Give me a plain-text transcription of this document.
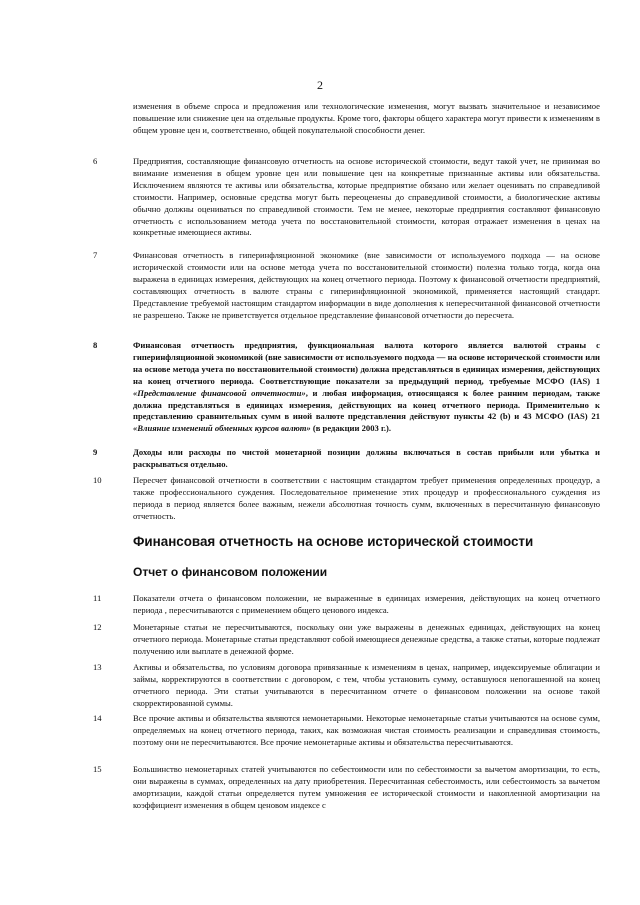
2

изменения в объеме спроса и предложения или технологические изменения, могут вызвать значительное и независимое повышение или снижение цен на отдельные продукты. Кроме того, факторы общего характера могут привести к изменениям в общем уровне цен и, соответственно, общей покупательной способности денег.

6	Предприятия, составляющие финансовую отчетность на основе исторической стоимости, ведут такой учет, не принимая во внимание изменения в общем уровне цен или повышение цен на конкретные признанные активы или обязательства. Исключением являются те активы или обязательства, которые предприятие обязано или желает оценивать по справедливой стоимости. Например, основные средства могут быть переоценены до справедливой стоимости, а биологические активы обычно должны оцениваться по справедливой стоимости. Тем не менее, некоторые предприятия составляют финансовую отчетность с использованием метода учета по восстановительной стоимости, которая отражает изменения в ценах на конкретные имеющиеся активы.

7	Финансовая отчетность в гиперинфляционной экономике (вне зависимости от используемого подхода — на основе исторической стоимости или на основе метода учета по восстановительной стоимости) полезна только тогда, когда она выражена в единицах измерения, действующих на конец отчетного периода. Поэтому к финансовой отчетности предприятий, составляющих отчетность в валюте страны с гиперинфляционной экономикой, применяется настоящий стандарт. Представление требуемой настоящим стандартом информации в виде дополнения к непересчитанной финансовой отчетности не разрешено. Также не приветствуется отдельное представление финансовой отчетности до пересчета.

8	Финансовая отчетность предприятия, функциональная валюта которого является валютой страны с гиперинфляционной экономикой (вне зависимости от используемого подхода — на основе исторической стоимости или на основе метода учета по восстановительной стоимости) должна представляться в единицах измерения, действующих на конец отчетного периода. Соответствующие показатели за предыдущий период, требуемые МСФО (IAS) 1 «Представление финансовой отчетности», и любая информация, относящаяся к более ранним периодам, также должна представляться в единицах измерения, действующих на конец отчетного периода. Применительно к представлению сравнительных сумм в иной валюте представления действуют пункты 42 (b) и 43 МСФО (IAS) 21 «Влияние изменений обменных курсов валют» (в редакции 2003 г.).

9	Доходы или расходы по чистой монетарной позиции должны включаться в состав прибыли или убытка и раскрываться отдельно.

10	Пересчет финансовой отчетности в соответствии с настоящим стандартом требует применения определенных процедур, а также профессионального суждения. Последовательное применение этих процедур и профессионального суждения из периода в период является более важным, нежели абсолютная точность сумм, включенных в пересчитанную финансовую отчетность.

Финансовая отчетность на основе исторической стоимости
Отчет о финансовом положении
11	Показатели отчета о финансовом положении, не выраженные в единицах измерения, действующих на конец отчетного периода , пересчитываются с применением общего ценового индекса.

12	Монетарные статьи не пересчитываются, поскольку они уже выражены в денежных единицах, действующих на конец отчетного периода. Монетарные статьи представляют собой имеющиеся денежные средства, а также статьи, которые подлежат получению или выплате в денежной форме.

13	Активы и обязательства, по условиям договора привязанные к изменениям в ценах, например, индексируемые облигации и займы, корректируются в соответствии с договором, с тем, чтобы установить сумму, оставшуюся непогашенной на конец отчетного периода. Эти статьи учитываются в пересчитанном отчете о финансовом положении на основе такой скорректированной суммы.

14	Все прочие активы и обязательства являются немонетарными. Некоторые немонетарные статьи учитываются на основе сумм, определяемых на конец отчетного периода, таких, как возможная чистая стоимость реализации и справедливая стоимость, поэтому они не пересчитываются. Все прочие немонетарные активы и обязательства пересчитываются.

15	Большинство немонетарных статей учитываются по себестоимости или по себестоимости за вычетом амортизации, то есть, они выражены в суммах, определенных на дату приобретения. Пересчитанная себестоимость, или себестоимость за вычетом амортизации, каждой статьи определяется путем умножения ее исторической стоимости и накопленной амортизации на коэффициент изменения в общем ценовом индексе с
